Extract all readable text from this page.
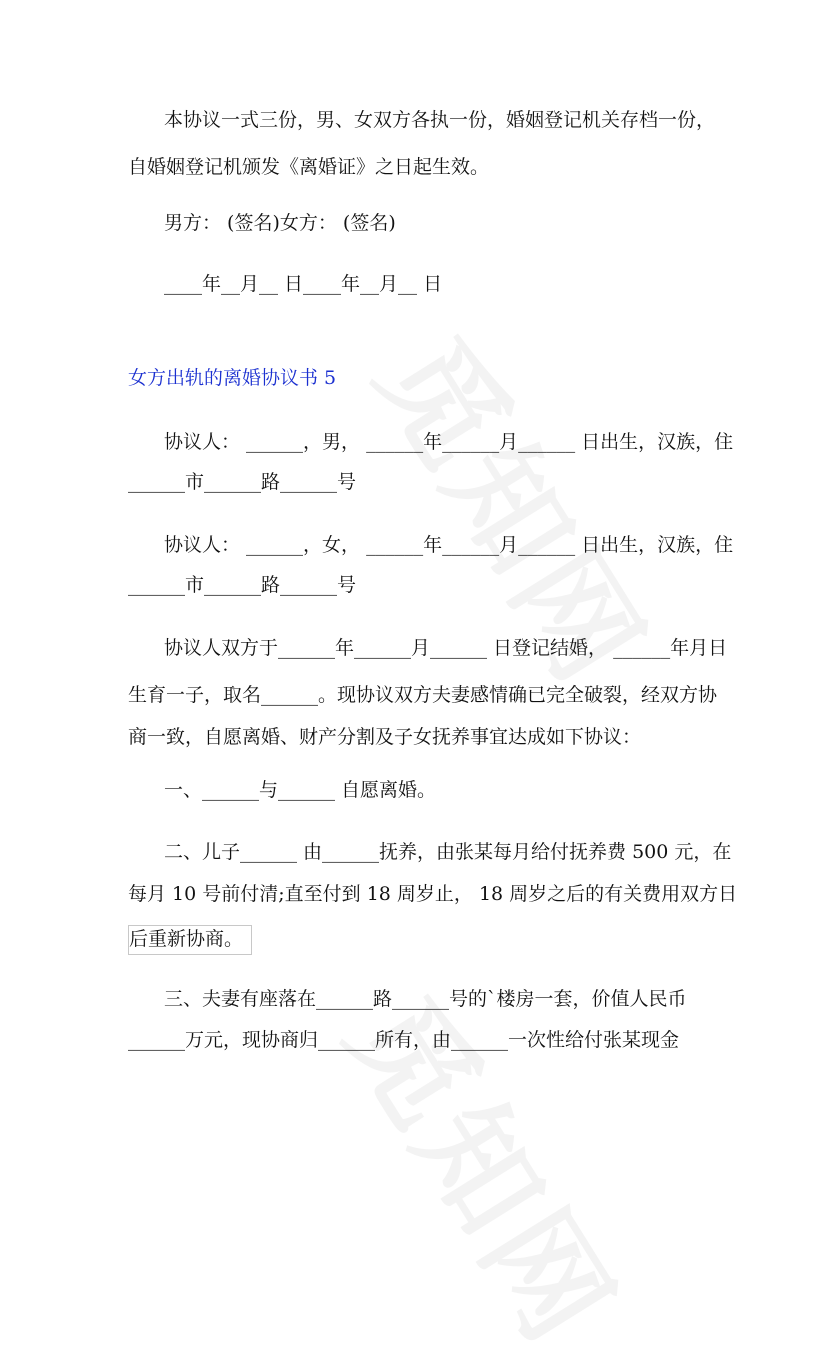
本协议一式三份，男、女双方各执一份，婚姻登记机关存档一份，
自婚姻登记机颁发《离婚证》之日起生效。
男方： (签名)女方： (签名)
____年__月__ 日____年__月__ 日
女方出轨的离婚协议书 5
协议人： ______，男， ______年______月______ 日出生，汉族，住
______市______路______号
协议人： ______，女， ______年______月______ 日出生，汉族，住
______市______路______号
协议人双方于______年______月______ 日登记结婚， ______年月日
生育一子，取名______。现协议双方夫妻感情确已完全破裂，经双方协
商一致，自愿离婚、财产分割及子女抚养事宜达成如下协议：
一、______与______ 自愿离婚。
二、儿子______ 由______抚养，由张某每月给付抚养费 500 元，在
每月 10 号前付清;直至付到 18 周岁止， 18 周岁之后的有关费用双方日
后重新协商。
三、夫妻有座落在______路______号的`楼房一套，价值人民币
______万元，现协商归______所有，由______一次性给付张某现金
